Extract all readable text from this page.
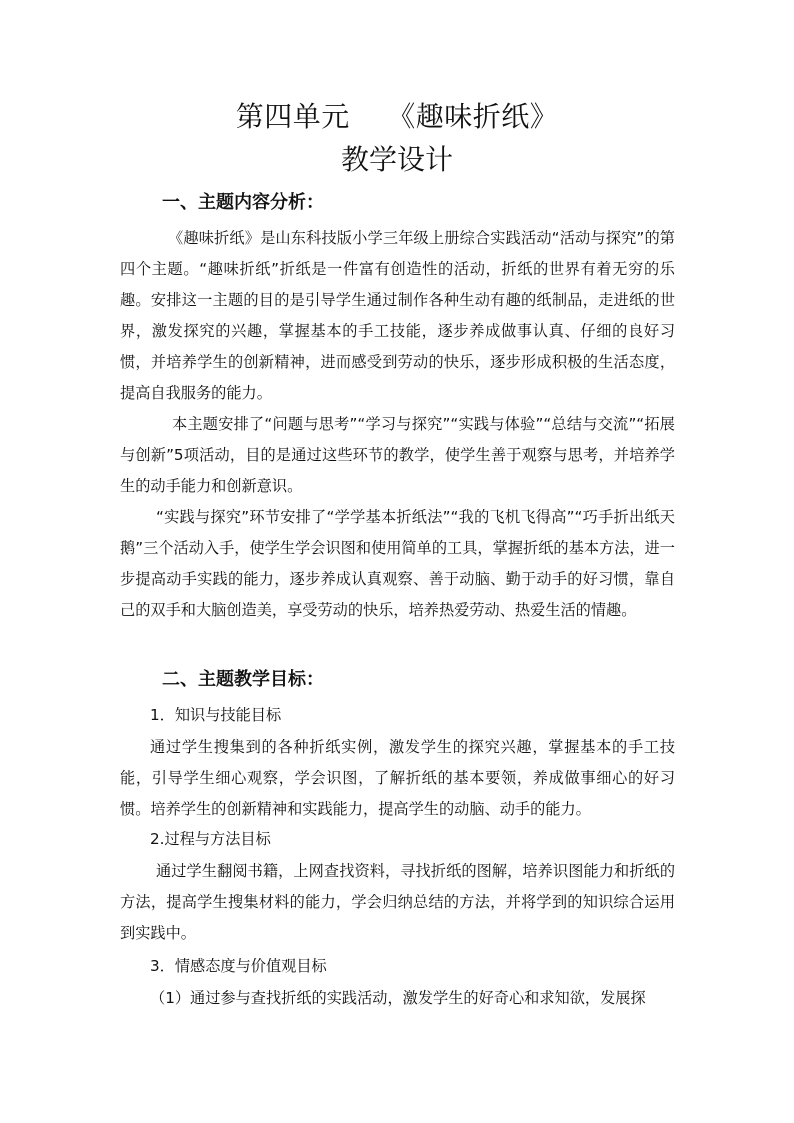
第四单元    《趣味折纸》
教学设计
一、主题内容分析：

《趣味折纸》是山东科技版小学三年级上册综合实践活动“活动与探究”的第四个主题。“趣味折纸”折纸是一件富有创造性的活动，折纸的世界有着无穷的乐趣。安排这一主题的目的是引导学生通过制作各种生动有趣的纸制品，走进纸的世界，激发探究的兴趣，掌握基本的手工技能，逐步养成做事认真、仔细的良好习惯，并培养学生的创新精神，进而感受到劳动的快乐，逐步形成积极的生活态度，提高自我服务的能力。

本主题安排了“问题与思考”“学习与探究”“实践与体验”“总结与交流”“拓展与创新”5项活动，目的是通过这些环节的教学，使学生善于观察与思考，并培养学生的动手能力和创新意识。

“实践与探究”环节安排了“学学基本折纸法”“我的飞机飞得高”“巧手折出纸天鹅”三个活动入手，使学生学会识图和使用简单的工具，掌握折纸的基本方法，进一步提高动手实践的能力，逐步养成认真观察、善于动脑、勤于动手的好习惯，靠自己的双手和大脑创造美，享受劳动的快乐，培养热爱劳动、热爱生活的情趣。

二、主题教学目标：
1．知识与技能目标

通过学生搜集到的各种折纸实例，激发学生的探究兴趣，掌握基本的手工技能，引导学生细心观察，学会识图，了解折纸的基本要领，养成做事细心的好习惯。培养学生的创新精神和实践能力，提高学生的动脑、动手的能力。

2.过程与方法目标

通过学生翻阅书籍，上网查找资料，寻找折纸的图解，培养识图能力和折纸的方法，提高学生搜集材料的能力，学会归纳总结的方法，并将学到的知识综合运用到实践中。

3．情感态度与价值观目标
（1）通过参与查找折纸的实践活动，激发学生的好奇心和求知欲，发展探
